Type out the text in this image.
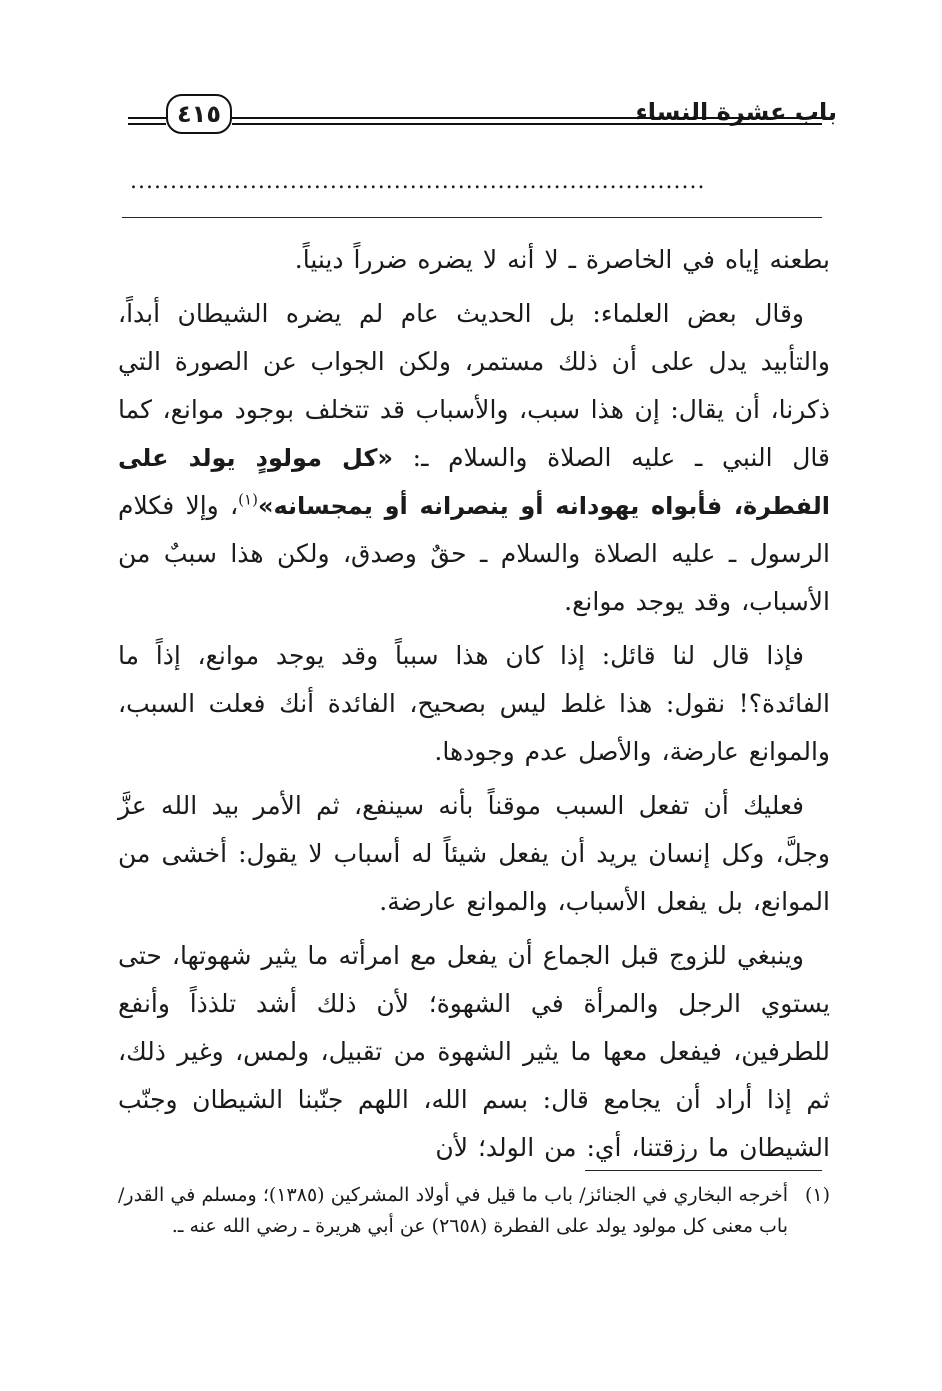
باب عشرة النساء
٤١٥
........................................................................

بطعنه إياه في الخاصرة ـ لا أنه لا يضره ضرراً دينياً.

وقال بعض العلماء: بل الحديث عام لم يضره الشيطان أبداً، والتأبيد يدل على أن ذلك مستمر، ولكن الجواب عن الصورة التي ذكرنا، أن يقال: إن هذا سبب، والأسباب قد تتخلف بوجود موانع، كما قال النبي ـ عليه الصلاة والسلام ـ: «كل مولودٍ يولد على الفطرة، فأبواه يهودانه أو ينصرانه أو يمجسانه»$^{(١)}$، وإلا فكلام الرسول ـ عليه الصلاة والسلام ـ حقٌ وصدق، ولكن هذا سببٌ من الأسباب، وقد يوجد موانع.

فإذا قال لنا قائل: إذا كان هذا سبباً وقد يوجد موانع، إذاً ما الفائدة؟! نقول: هذا غلط ليس بصحيح، الفائدة أنك فعلت السبب، والموانع عارضة، والأصل عدم وجودها.

فعليك أن تفعل السبب موقناً بأنه سينفع، ثم الأمر بيد الله عزَّ وجلَّ، وكل إنسان يريد أن يفعل شيئاً له أسباب لا يقول: أخشى من الموانع، بل يفعل الأسباب، والموانع عارضة.

وينبغي للزوج قبل الجماع أن يفعل مع امرأته ما يثير شهوتها، حتى يستوي الرجل والمرأة في الشهوة؛ لأن ذلك أشد تلذذاً وأنفع للطرفين، فيفعل معها ما يثير الشهوة من تقبيل، ولمس، وغير ذلك، ثم إذا أراد أن يجامع قال: بسم الله، اللهم جنّبنا الشيطان وجنّب الشيطان ما رزقتنا، أي: من الولد؛ لأن

(١)
أخرجه البخاري في الجنائز/ باب ما قيل في أولاد المشركين (١٣٨٥)؛ ومسلم في القدر/ باب معنى كل مولود يولد على الفطرة (٢٦٥٨) عن أبي هريرة ـ رضي الله عنه ـ.
